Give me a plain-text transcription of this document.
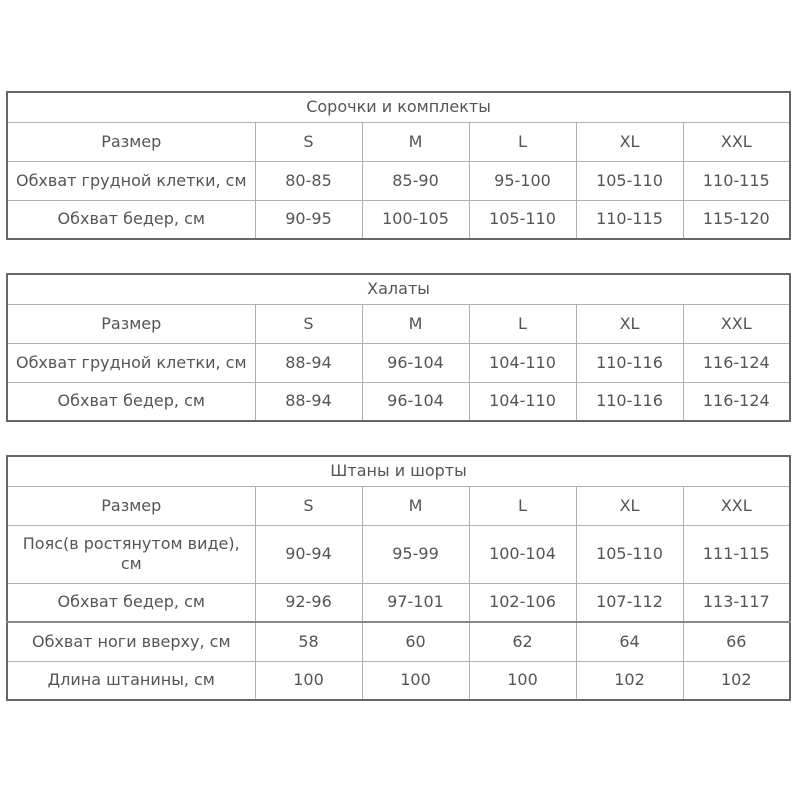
Сорочки и комплекты					
Размер	S	M	L	XL	XXL
Обхват грудной клетки, см	80-85	85-90	95-100	105-110	110-115
Обхват бедер, см	90-95	100-105	105-110	110-115	115-120
Халаты					
Размер	S	M	L	XL	XXL
Обхват грудной клетки, см	88-94	96-104	104-110	110-116	116-124
Обхват бедер, см	88-94	96-104	104-110	110-116	116-124
Штаны и шорты					
Размер	S	M	L	XL	XXL
Пояс(в ростянутом виде), см	90-94	95-99	100-104	105-110	111-115
Обхват бедер, см	92-96	97-101	102-106	107-112	113-117
Обхват ноги вверху, см	58	60	62	64	66
Длина штанины, см	100	100	100	102	102
